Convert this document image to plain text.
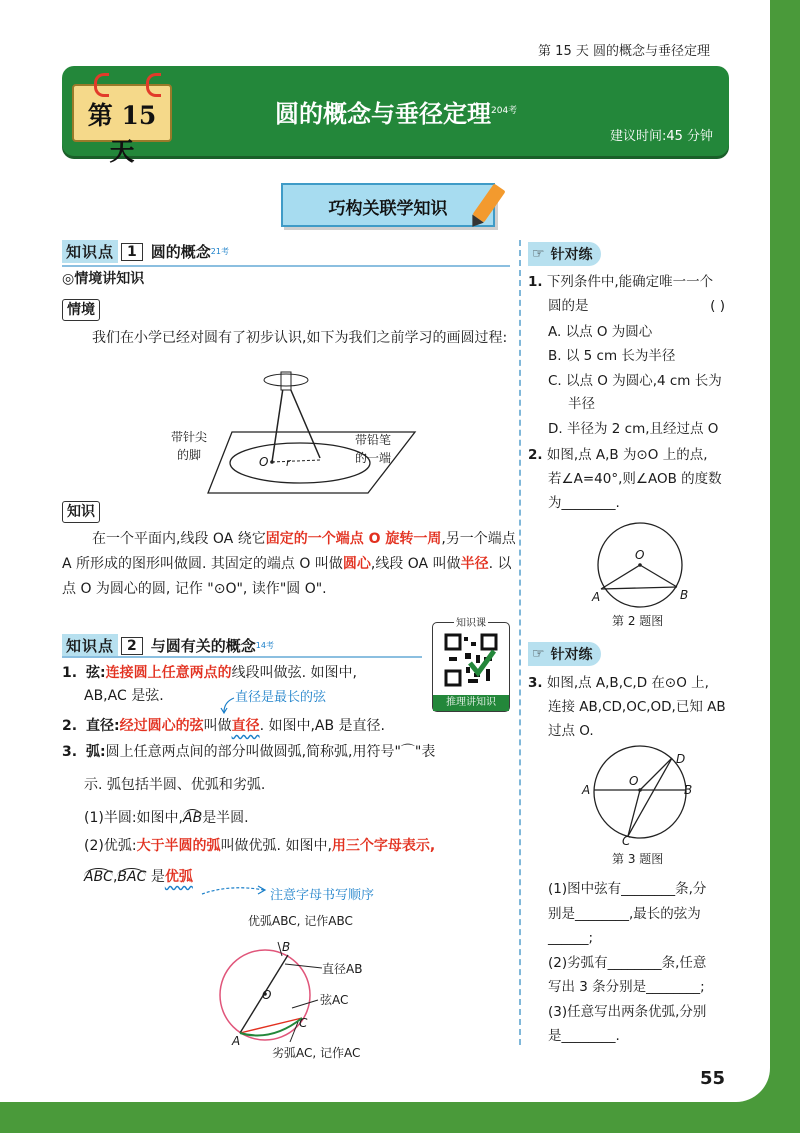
第 15 天 圆的概念与垂径定理
第 15 天
圆的概念与垂径定理$^{204考}$
建议时间:45 分钟
巧构关联学知识
知识点 1 圆的概念 21考
◎情境讲知识
情境
我们在小学已经对圆有了初步认识,如下为我们之前学习的画圆过程:
带针尖
的脚
带铅笔
的一端
O r
知识
在一个平面内,线段 OA 绕它固定的一个端点 O 旋转一周,另一个端点 A 所形成的图形叫做圆. 其固定的端点 O 叫做圆心,线段 OA 叫做半径. 以点 O 为圆心的圆, 记作 "⊙O", 读作"圆 O".
知识点 2 与圆有关的概念 14考
知识课
推理讲知识
1. 弦:连接圆上任意两点的线段叫做弦. 如图中,
AB,AC 是弦.	直径是最长的弦
2. 直径:经过圆心的弦叫做直径. 如图中,AB 是直径.
3. 弧:圆上任意两点间的部分叫做圆弧,简称弧,用符号"⌒"表
示. 弧包括半圆、优弧和劣弧.
(1)半圆:如图中,AB是半圆.
(2)优弧:大于半圆的弧叫做优弧. 如图中,用三个字母表示,
ABC,BAC 是优弧
注意字母书写顺序
优弧ABC, 记作ABC
直径AB
弦AC
劣弧AC, 记作AC
B
O
C
A
☞ 针对练
1. 下列条件中,能确定唯一一个
圆的是	( )
A. 以点 O 为圆心
B. 以 5 cm 长为半径
C. 以点 O 为圆心,4 cm 长为
半径
D. 半径为 2 cm,且经过点 O
2. 如图,点 A,B 为⊙O 上的点,
若∠A=40°,则∠AOB 的度数
为________.
O
A	B
第 2 题图
☞ 针对练
3. 如图,点 A,B,C,D 在⊙O 上,
连接 AB,CD,OC,OD,已知 AB
过点 O.
O
A	B
C
D
第 3 题图
(1)图中弦有________条,分
别是________,最长的弦为
______;
(2)劣弧有________条,任意
写出 3 条分别是________;
(3)任意写出两条优弧,分别
是________.
55
